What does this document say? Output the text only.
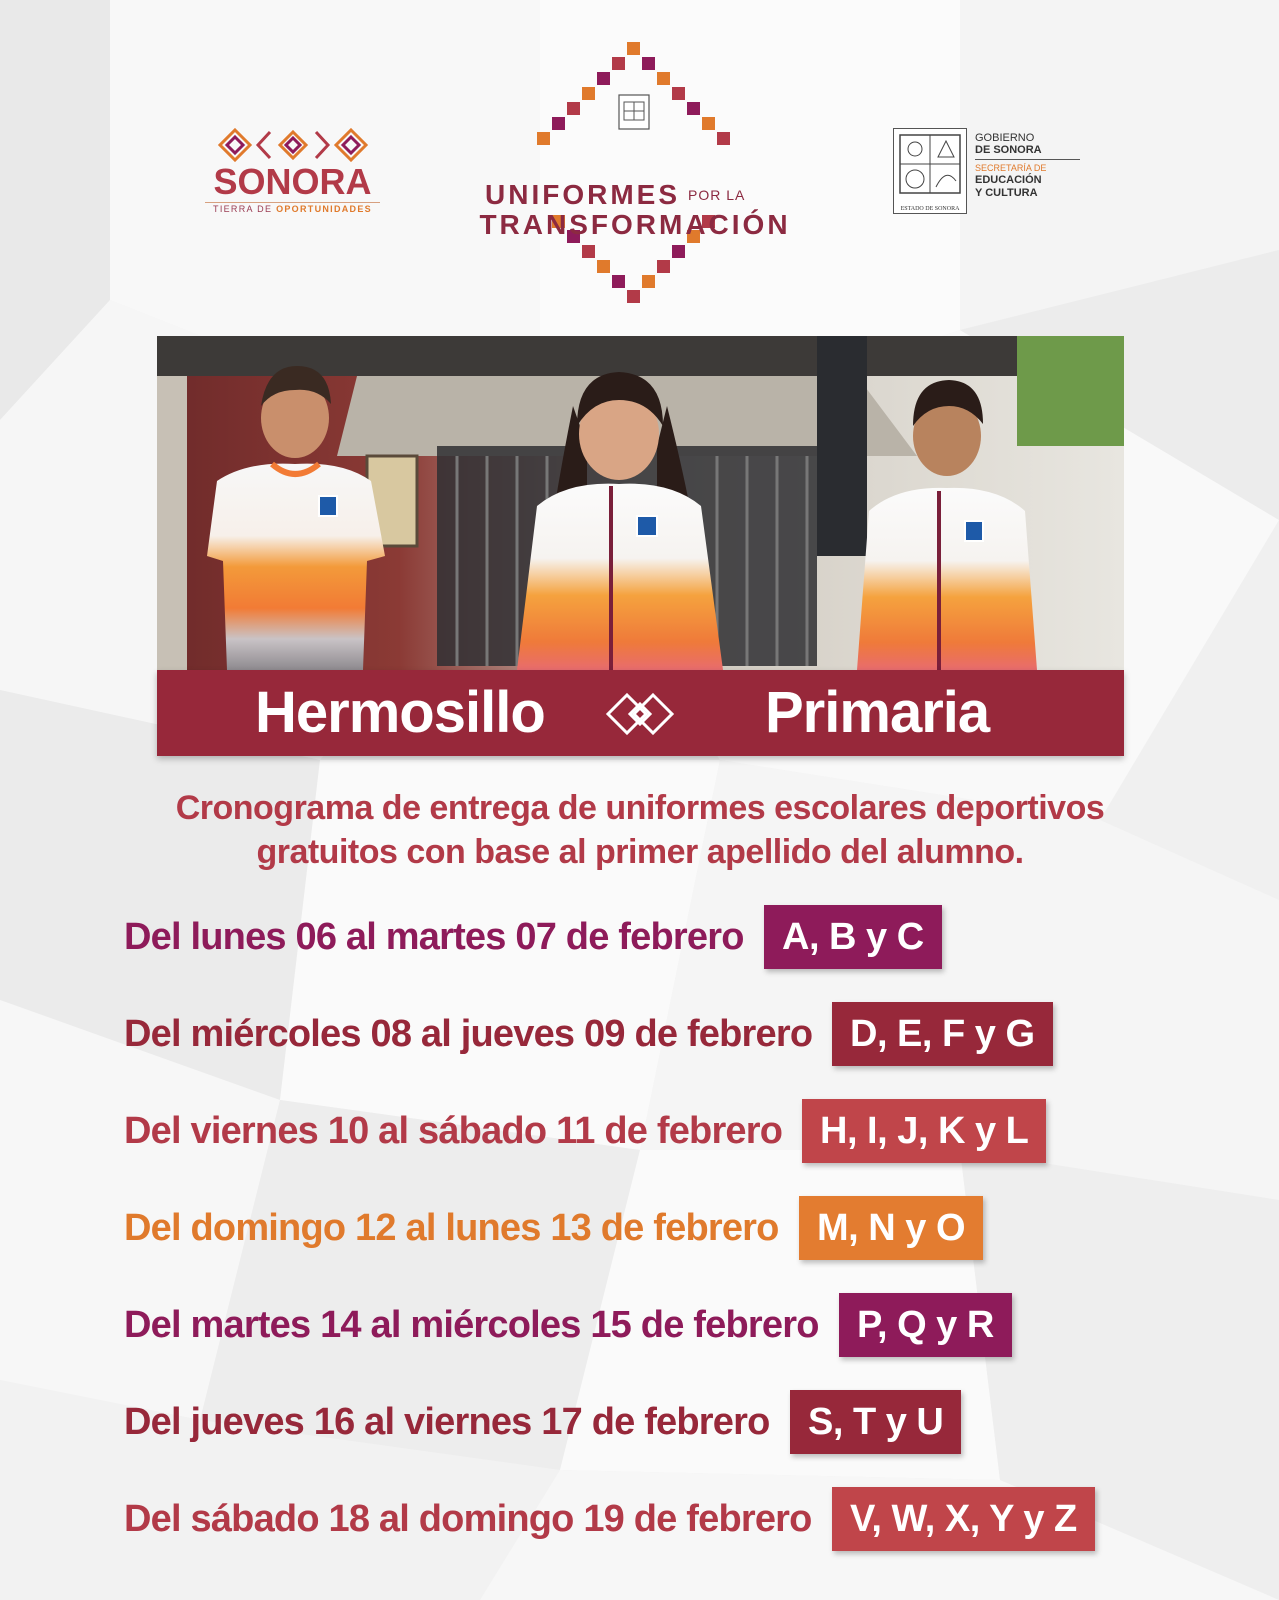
SONORA
TIERRA DE OPORTUNIDADES	UNIFORMES POR LA
TRANSFORMACIÓN	ESTADO DE SONORA
GOBIERNO
DE SONORA
SECRETARÍA DE
EDUCACIÓN
Y CULTURA
Hermosillo	Primaria
Cronograma de entrega de uniformes escolares deportivos
gratuitos con base al primer apellido del alumno.
Del lunes 06 al martes 07 de febrero	A, B y C
Del miércoles 08 al jueves 09 de febrero D, E, F y G
Del viernes 10 al sábado 11 de febrero H, I, J, K y L
Del domingo 12 al lunes 13 de febrero	M, N y O
Del martes 14 al miércoles 15 de febrero	P, Q y R
Del jueves 16 al viernes 17 de febrero	S, T y U
Del sábado 18 al domingo 19 de febrero	V, W, X, Y y Z
